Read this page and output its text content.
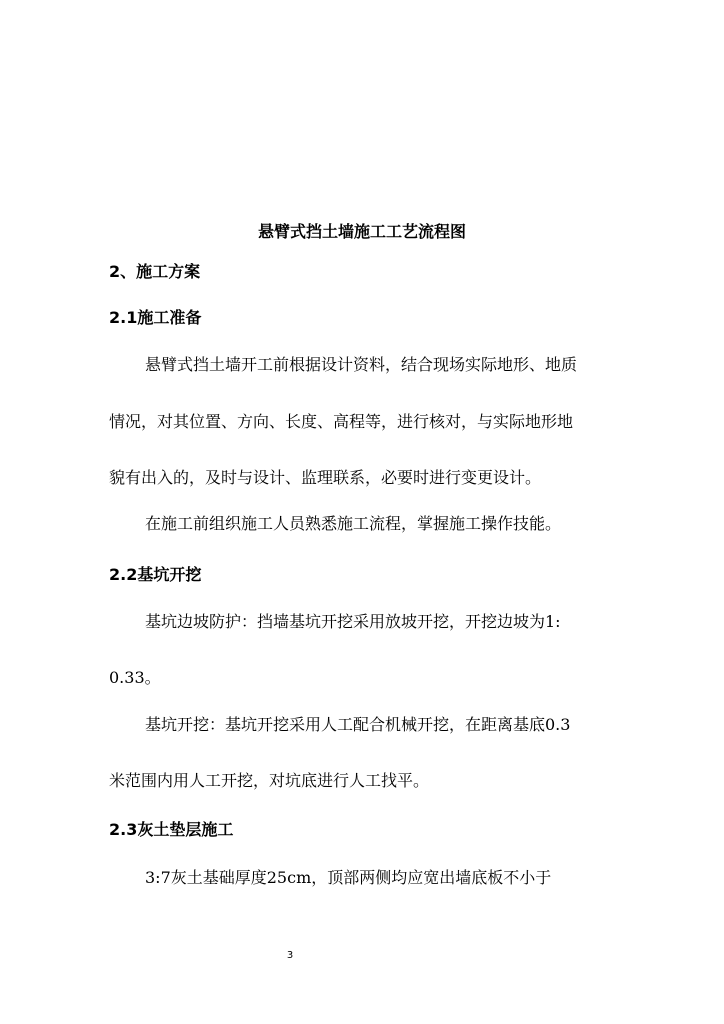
悬臂式挡土墙施工工艺流程图
2、施工方案
2.1施工准备
悬臂式挡土墙开工前根据设计资料，结合现场实际地形、地质
情况，对其位置、方向、长度、高程等，进行核对，与实际地形地
貌有出入的，及时与设计、监理联系，必要时进行变更设计。
在施工前组织施工人员熟悉施工流程，掌握施工操作技能。
2.2基坑开挖
基坑边坡防护：挡墙基坑开挖采用放坡开挖，开挖边坡为1:
0.33。
基坑开挖：基坑开挖采用人工配合机械开挖，在距离基底0.3
米范围内用人工开挖，对坑底进行人工找平。
2.3灰土垫层施工
3:7灰土基础厚度25cm，顶部两侧均应宽出墙底板不小于
3
